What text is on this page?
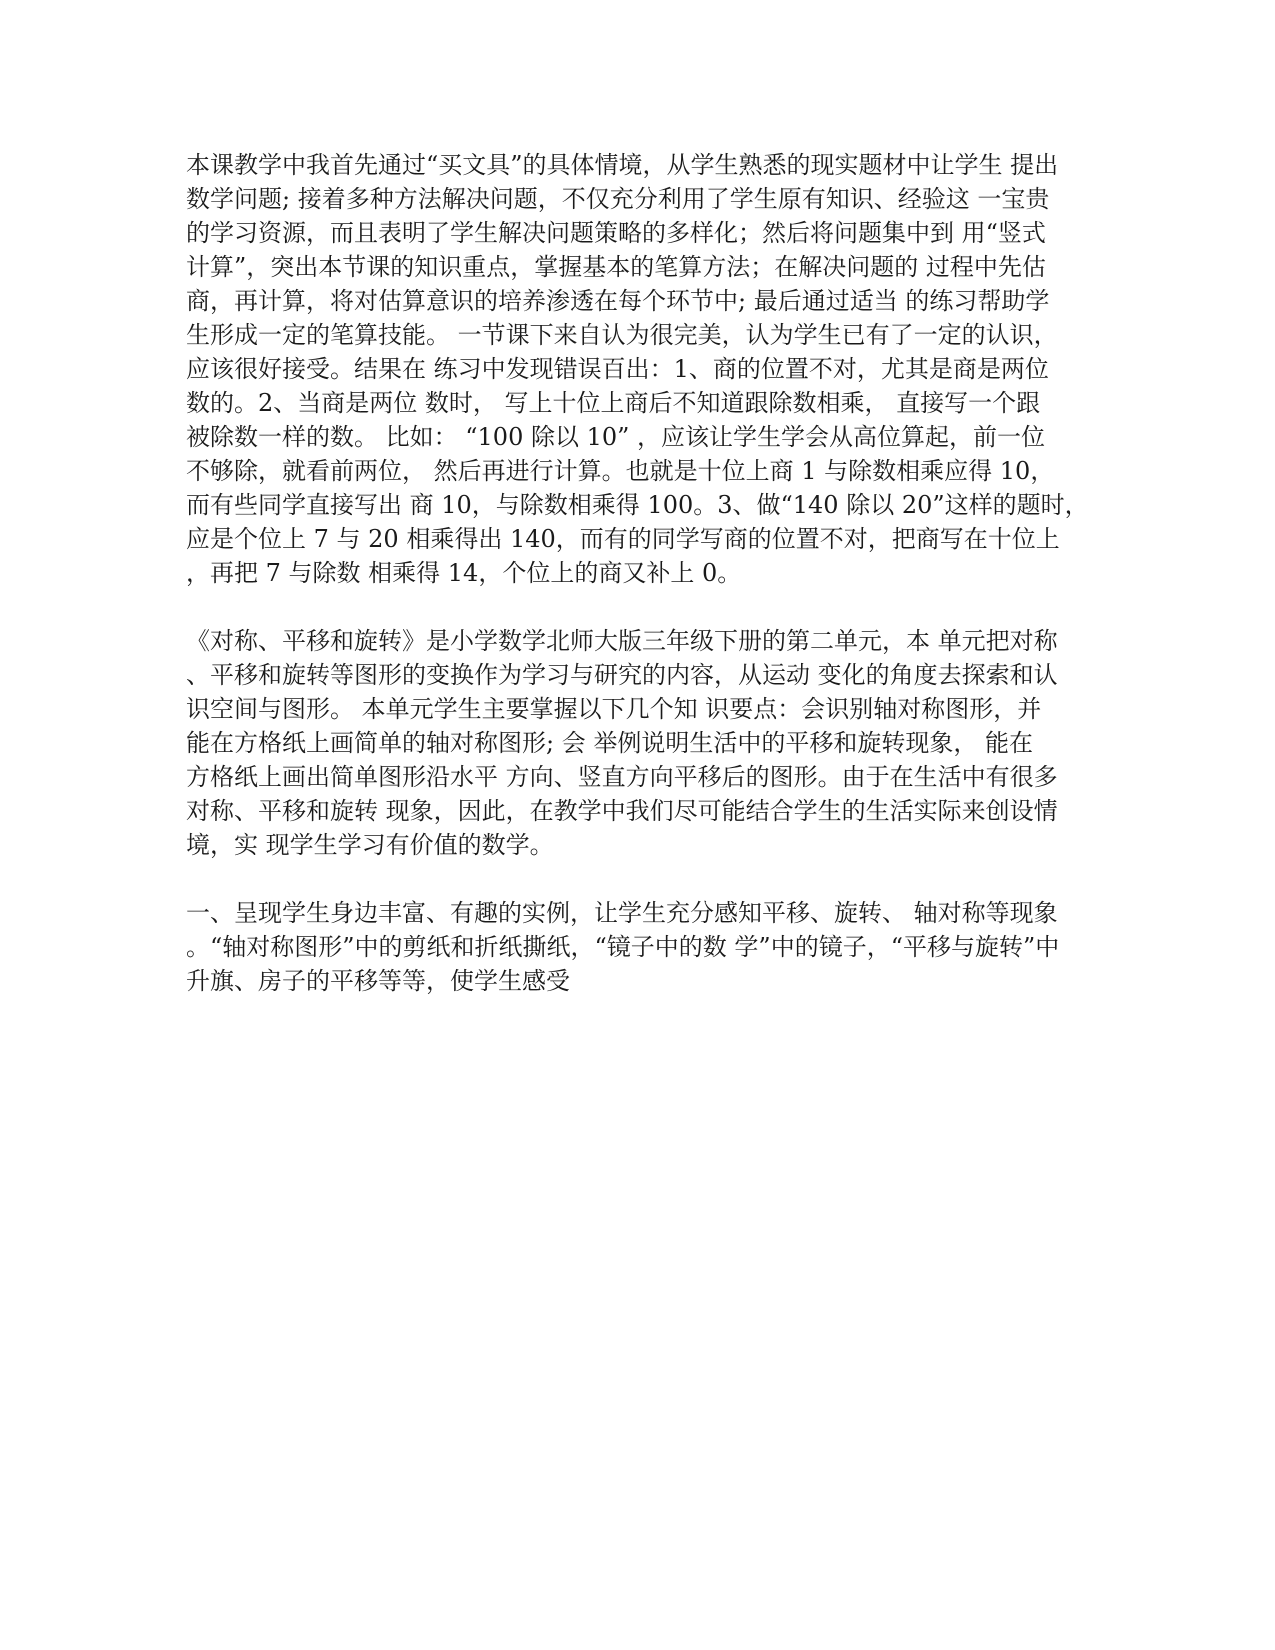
本课教学中我首先通过“买文具”的具体情境，从学生熟悉的现实题材中让学生 提出
数学问题; 接着多种方法解决问题，不仅充分利用了学生原有知识、经验这 一宝贵
的学习资源，而且表明了学生解决问题策略的多样化；然后将问题集中到 用“竖式
计算”，突出本节课的知识重点，掌握基本的笔算方法；在解决问题的 过程中先估
商，再计算，将对估算意识的培养渗透在每个环节中; 最后通过适当 的练习帮助学
生形成一定的笔算技能。 一节课下来自认为很完美，认为学生已有了一定的认识，
应该很好接受。结果在 练习中发现错误百出：1、商的位置不对，尤其是商是两位
数的。2、当商是两位 数时， 写上十位上商后不知道跟除数相乘， 直接写一个跟
被除数一样的数。 比如： “100 除以 10” ，应该让学生学会从高位算起，前一位
不够除，就看前两位， 然后再进行计算。也就是十位上商 1 与除数相乘应得 10，
而有些同学直接写出 商 10，与除数相乘得 100。3、做“140 除以 20”这样的题时，
应是个位上 7 与 20 相乘得出 140，而有的同学写商的位置不对，把商写在十位上
，再把 7 与除数 相乘得 14，个位上的商又补上 0。
《对称、平移和旋转》是小学数学北师大版三年级下册的第二单元，本 单元把对称
、平移和旋转等图形的变换作为学习与研究的内容，从运动 变化的角度去探索和认
识空间与图形。 本单元学生主要掌握以下几个知 识要点：会识别轴对称图形，并
能在方格纸上画简单的轴对称图形; 会 举例说明生活中的平移和旋转现象， 能在
方格纸上画出简单图形沿水平 方向、竖直方向平移后的图形。由于在生活中有很多
对称、平移和旋转 现象，因此，在教学中我们尽可能结合学生的生活实际来创设情
境，实 现学生学习有价值的数学。
一、呈现学生身边丰富、有趣的实例，让学生充分感知平移、旋转、 轴对称等现象
。“轴对称图形”中的剪纸和折纸撕纸，“镜子中的数 学”中的镜子，“平移与旋转”中
升旗、房子的平移等等，使学生感受
